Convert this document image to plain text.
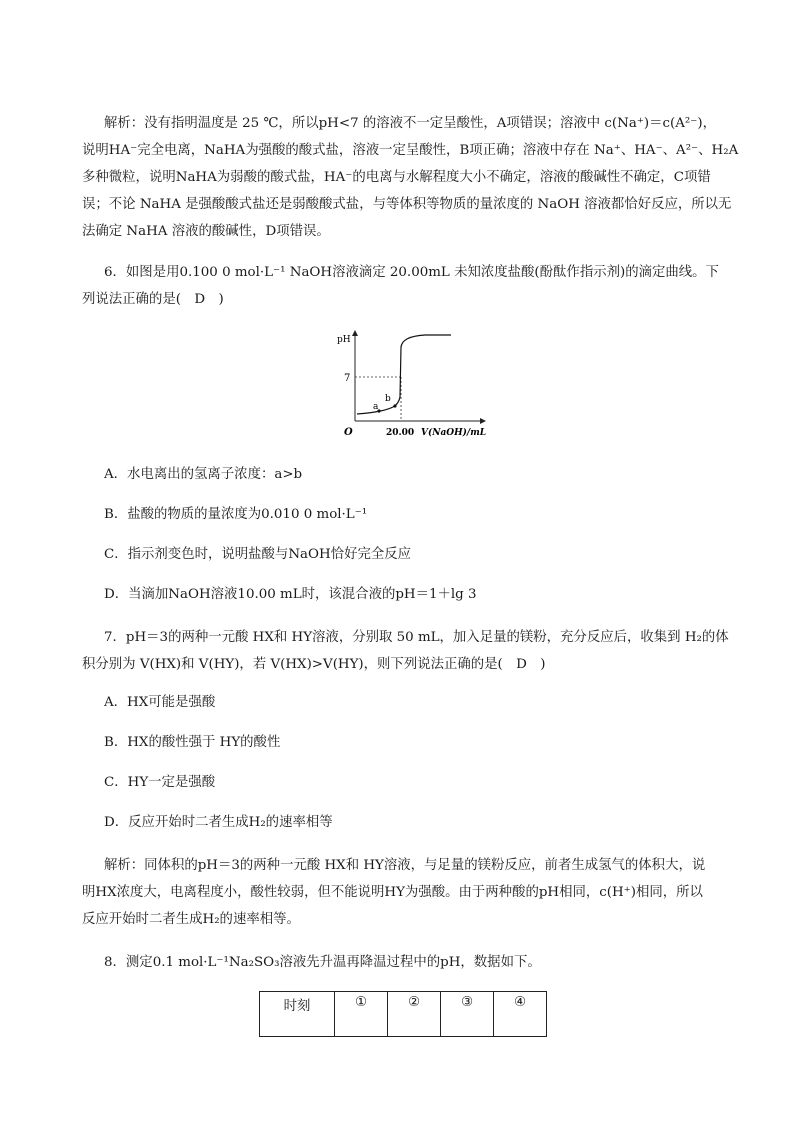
解析：没有指明温度是 25 ℃，所以pH<7 的溶液不一定呈酸性，A项错误；溶液中 c(Na⁺)＝c(A²⁻)，
说明HA⁻完全电离，NaHA为强酸的酸式盐，溶液一定呈酸性，B项正确；溶液中存在 Na⁺、HA⁻、A²⁻、H₂A
多种微粒，说明NaHA为弱酸的酸式盐，HA⁻的电离与水解程度大小不确定，溶液的酸碱性不确定，C项错
误；不论 NaHA 是强酸酸式盐还是弱酸酸式盐，与等体积等物质的量浓度的 NaOH 溶液都恰好反应，所以无
法确定 NaHA 溶液的酸碱性，D项错误。
6．如图是用0.100 0 mol·L⁻¹ NaOH溶液滴定 20.00mL 未知浓度盐酸(酚酞作指示剂)的滴定曲线。下
列说法正确的是(　D　)
pH
O
7
20.00 V(NaOH)/mL
a
b
A．水电离出的氢离子浓度：a>b
B．盐酸的物质的量浓度为0.010 0 mol·L⁻¹
C．指示剂变色时，说明盐酸与NaOH恰好完全反应
D．当滴加NaOH溶液10.00 mL时，该混合液的pH＝1＋lg 3
7．pH＝3的两种一元酸 HX和 HY溶液，分别取 50 mL，加入足量的镁粉，充分反应后，收集到 H₂的体
积分别为 V(HX)和 V(HY)，若 V(HX)>V(HY)，则下列说法正确的是(　D　)
A．HX可能是强酸
B．HX的酸性强于 HY的酸性
C．HY一定是强酸
D．反应开始时二者生成H₂的速率相等
解析：同体积的pH＝3的两种一元酸 HX和 HY溶液，与足量的镁粉反应，前者生成氢气的体积大，说
明HX浓度大，电离程度小，酸性较弱，但不能说明HY为强酸。由于两种酸的pH相同，c(H⁺)相同，所以
反应开始时二者生成H₂的速率相等。
8．测定0.1 mol·L⁻¹Na₂SO₃溶液先升温再降温过程中的pH，数据如下。
时刻	①	②	③	④
